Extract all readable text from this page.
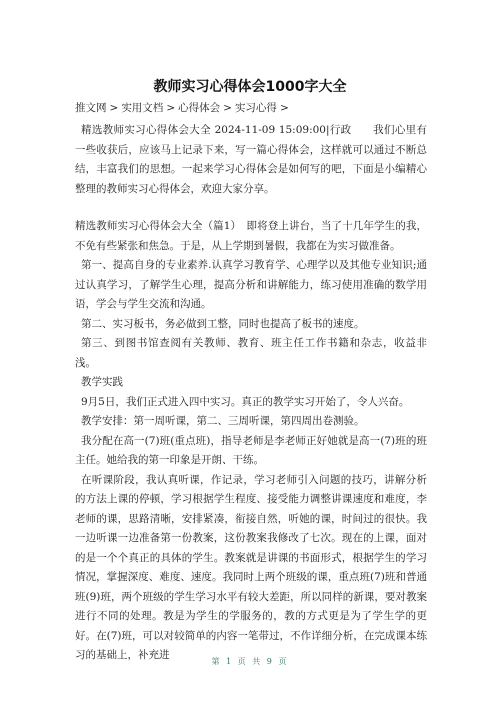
教师实习心得体会1000字大全
推文网 > 实用文档 > 心得体会 > 实习心得 >

精选教师实习心得体会大全 2024-11-09 15:09:00|行政　　我们心里有一些收获后，应该马上记录下来，写一篇心得体会，这样就可以通过不断总结，丰富我们的思想。一起来学习心得体会是如何写的吧，下面是小编精心整理的教师实习心得体会，欢迎大家分享。

精选教师实习心得体会大全（篇1）　即将登上讲台，当了十几年学生的我，不免有些紧张和焦急。于是，从上学期到暑假，我都在为实习做准备。

第一、提高自身的专业素养.认真学习教育学、心理学以及其他专业知识;通过认真学习，了解学生心理，提高分析和讲解能力，练习使用准确的数学用语，学会与学生交流和沟通。

第二、实习板书，务必做到工整，同时也提高了板书的速度。

第三、到图书馆查阅有关教师、教育、班主任工作书籍和杂志，收益非浅。

教学实践

9月5日，我们正式进入四中实习。真正的教学实习开始了，令人兴奋。

教学安排：第一周听课，第二、三周听课，第四周出卷测验。

我分配在高一(7)班(重点班)，指导老师是李老师正好她就是高一(7)班的班主任。她给我的第一印象是开朗、干练。

在听课阶段，我认真听课，作记录，学习老师引入问题的技巧，讲解分析的方法上课的停顿，学习根据学生程度、接受能力调整讲课速度和难度，李老师的课，思路清晰，安排紧凑，衔接自然，听她的课，时间过的很快。我一边听课一边准备第一份教案，这份教案我修改了七次。现在的上课，面对的是一个个真正的具体的学生。教案就是讲课的书面形式，根据学生的学习情况，掌握深度、难度、速度。我同时上两个班级的课，重点班(7)班和普通班(9)班，两个班级的学生学习水平有较大差距，所以同样的新课，要对教案进行不同的处理。教是为学生的学服务的，教的方式更是为了学生学的更好。在(7)班，可以对较简单的内容一笔带过，不作详细分析，在完成课本练习的基础上，补充进

第 1 页 共 9 页
